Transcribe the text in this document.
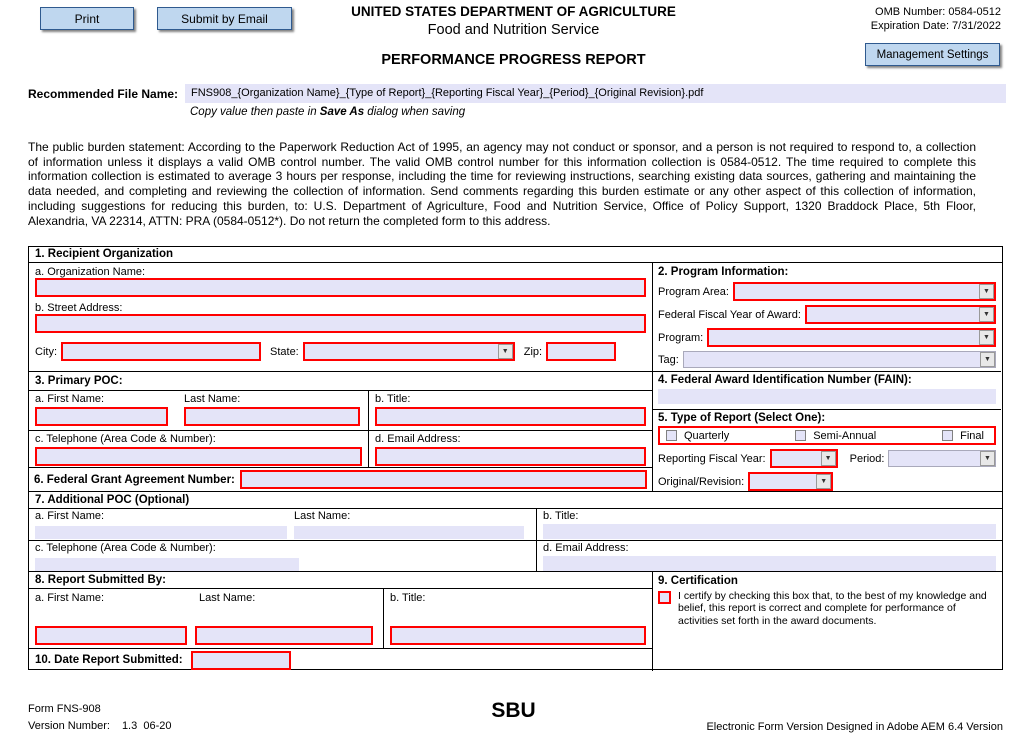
Print	Submit by Email	UNITED STATES DEPARTMENT OF AGRICULTURE
Food and Nutrition Service
OMB Number: 0584-0512
Expiration Date: 7/31/2022
PERFORMANCE PROGRESS REPORT	Management Settings
Recommended File Name:	FNS908_{Organization Name}_{Type of Report}_{Reporting Fiscal Year}_{Period}_{Original Revision}.pdf
Copy value then paste in Save As dialog when saving

The public burden statement: According to the Paperwork Reduction Act of 1995, an agency may not conduct or sponsor, and a person is not required to respond to, a collection of information unless it displays a valid OMB control number. The valid OMB control number for this information collection is 0584-0512. The time required to complete this information collection is estimated to average 3 hours per response, including the time for reviewing instructions, searching existing data sources, gathering and maintaining the data needed, and completing and reviewing the collection of information. Send comments regarding this burden estimate or any other aspect of this collection of information, including suggestions for reducing this burden, to: U.S. Department of Agriculture, Food and Nutrition Service, Office of Policy Support, 1320 Braddock Place, 5th Floor, Alexandria, VA 22314, ATTN: PRA (0584-0512*). Do not return the completed form to this address.

1. Recipient Organization
a. Organization Name:
b. Street Address:
City:	State:	▼	Zip:
3. Primary POC:
a. First Name:	Last Name:
c. Telephone (Area Code & Number):
b. Title:
d. Email Address:
6. Federal Grant Agreement Number:
2. Program Information:
Program Area:	▼
Federal Fiscal Year of Award:	▼
Program:	▼
Tag:	▼
4. Federal Award Identification Number (FAIN):
5. Type of Report (Select One):
Quarterly	Semi-Annual	Final
Reporting Fiscal Year:	▼	Period:	▼
Original/Revision:	▼
7. Additional POC (Optional)
a. First Name:	Last Name:	b. Title:
c. Telephone (Area Code & Number):	d. Email Address:
8. Report Submitted By:
a. First Name:	Last Name:	b. Title:
10. Date Report Submitted:
9. Certification
I certify by checking this box that, to the best of my knowledge and belief, this report is correct and complete for performance of activities set forth in the award documents.
Form FNS-908
Version Number: 1.3  06-20
SBU
Electronic Form Version Designed in Adobe AEM 6.4 Version
